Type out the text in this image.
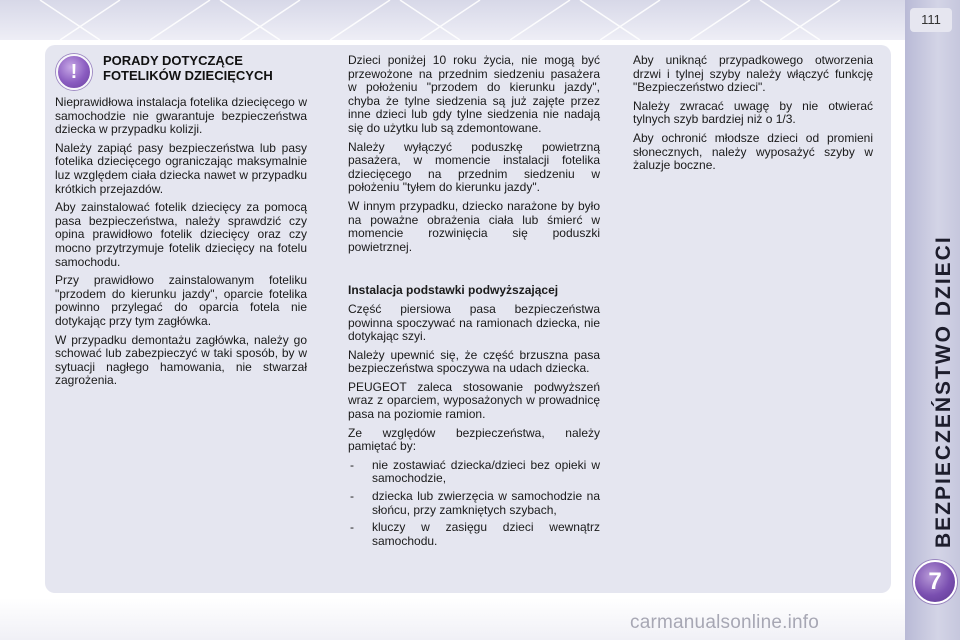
111
BEZPIECZEŃSTWO DZIECI
7
!
PORADY DOTYCZĄCE FOTELIKÓW DZIECIĘCYCH

Nieprawidłowa instalacja fotelika dziecięcego w samochodzie nie gwarantuje bezpieczeństwa dziecka w przypadku kolizji.

Należy zapiąć pasy bezpieczeństwa lub pasy fotelika dziecięcego ograniczając maksymalnie luz względem ciała dziecka nawet w przypadku krótkich przejazdów.

Aby zainstalować fotelik dziecięcy za pomocą pasa bezpieczeństwa, należy sprawdzić czy opina prawidłowo fotelik dziecięcy oraz czy mocno przytrzymuje fotelik dziecięcy na fotelu samochodu.

Przy prawidłowo zainstalowanym foteliku "przodem do kierunku jazdy", oparcie fotelika powinno przylegać do oparcia fotela nie dotykając przy tym zagłówka.

W przypadku demontażu zagłówka, należy go schować lub zabezpieczyć w taki sposób, by w sytuacji nagłego hamowania, nie stwarzał zagrożenia.

Dzieci poniżej 10 roku życia, nie mogą być przewożone na przednim siedzeniu pasażera w położeniu "przodem do kierunku jazdy", chyba że tylne siedzenia są już zajęte przez inne dzieci lub gdy tylne siedzenia nie nadają się do użytku lub są zdemontowane.

Należy wyłączyć poduszkę powietrzną pasażera, w momencie instalacji fotelika dziecięcego na przednim siedzeniu w położeniu "tyłem do kierunku jazdy".

W innym przypadku, dziecko narażone by było na poważne obrażenia ciała lub śmierć w momencie rozwinięcia się poduszki powietrznej.

Instalacja podstawki podwyższającej

Część piersiowa pasa bezpieczeństwa powinna spoczywać na ramionach dziecka, nie dotykając szyi.

Należy upewnić się, że część brzuszna pasa bezpieczeństwa spoczywa na udach dziecka.

PEUGEOT zaleca stosowanie podwyższeń wraz z oparciem, wyposażonych w prowadnicę pasa na poziomie ramion.

Ze względów bezpieczeństwa, należy pamiętać by:

- nie zostawiać dziecka/dzieci bez opieki w samochodzie,
- dziecka lub zwierzęcia w samochodzie na słońcu, przy zamkniętych szybach,
- kluczy w zasięgu dzieci wewnątrz samochodu.

Aby uniknąć przypadkowego otworzenia drzwi i tylnej szyby należy włączyć funkcję "Bezpieczeństwo dzieci".

Należy zwracać uwagę by nie otwierać tylnych szyb bardziej niż o 1/3.

Aby ochronić młodsze dzieci od promieni słonecznych, należy wyposażyć szyby w żaluzje boczne.

carmanualsonline.info
